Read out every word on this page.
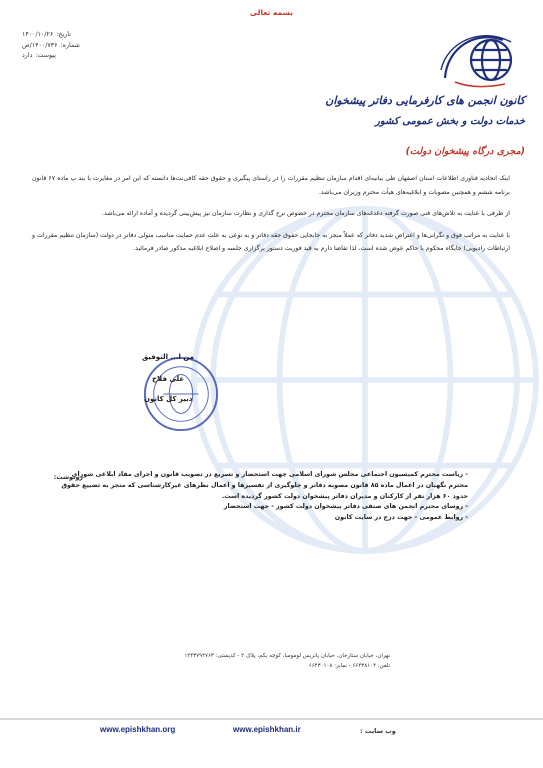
بسمه تعالی
تاریخ:
۱۴۰۰/۱۰/۲۶
شماره:
۱۴۰۰/۷۳۶/ص
پیوست:
دارد
کانون انجمن های کارفرمایی دفاتر پیشخوان
خدمات دولت و بخش عمومی کشور
(مجری درگاه پیشخوان دولت)

اینک اتحادیه فناوری اطلاعات استان اصفهان طی بیانیه‌ای اقدام سازمان تنظیم مقررات را در راستای پیگیری و حقوق حقه کافی‌نت‌ها دانسته که این امر در مغایرت با بند پ ماده ۶۷ قانون برنامه ششم و همچنین مصوبات و ابلاغیه‌های هیأت محترم وزیران می‌باشد.

از طرفی با عنایت به تلاش‌های فنی صورت گرفته دغدغه‌های سازمان محترم در خصوص نرخ گذاری و نظارت سازمان نیز پیش‌بینی گردیده و آماده ارائه می‌باشد.

با عنایت به مراتب فوق و نگرانی‌ها و اعتراض شدید دفاتر که عملاً منجر به جابجایی حقوق حقه دفاتر و به نوعی به علت عدم حمایت مناسب متولی دفاتر در دولت (سازمان تنظیم مقررات و ارتباطات رادیویی) جایگاه محکوم با حاکم عوض شده است، لذا تقاضا دارم به قید فوریت دستور برگزاری جلسه و اصلاح ابلاغیه مذکور صادر فرمائید.

من ا... التوفیق
علی فلاح
دبیر کل کانون
رونوشت:
- ریاست محترم کمیسیون اجتماعی مجلس شورای اسلامی جهت استحضار و تسریع در تصویب قانون و اجرای مفاد ابلاغی شورای محترم نگهبان در اعمال ماده ۸۵ قانون مصوبه دفاتر و جلوگیری از تفسیرها و اعمال نظرهای غیرکارشناسی که منجر به تضییع حقوق حدود ۶۰ هزار نفر از کارکنان و مدیران دفاتر پیشخوان دولت کشور گردیده است.
- روسای محترم انجمن های صنفی دفاتر پیشخوان دولت کشور - جهت استحضار
- روابط عمومی - جهت درج در سایت کانون
تهران، خیابان ستارخان، خیابان پاتریس لومومبا، کوچه یکم، پلاک ۲ - کدپستی: ۱۴۴۳۷۹۴۷۶۳
تلفن: ۶۶۴۳۸۱۰۴ - نمابر: ۶۶۴۳۰۱۰۸
وب سایت :
www.epishkhan.ir
www.epishkhan.org
